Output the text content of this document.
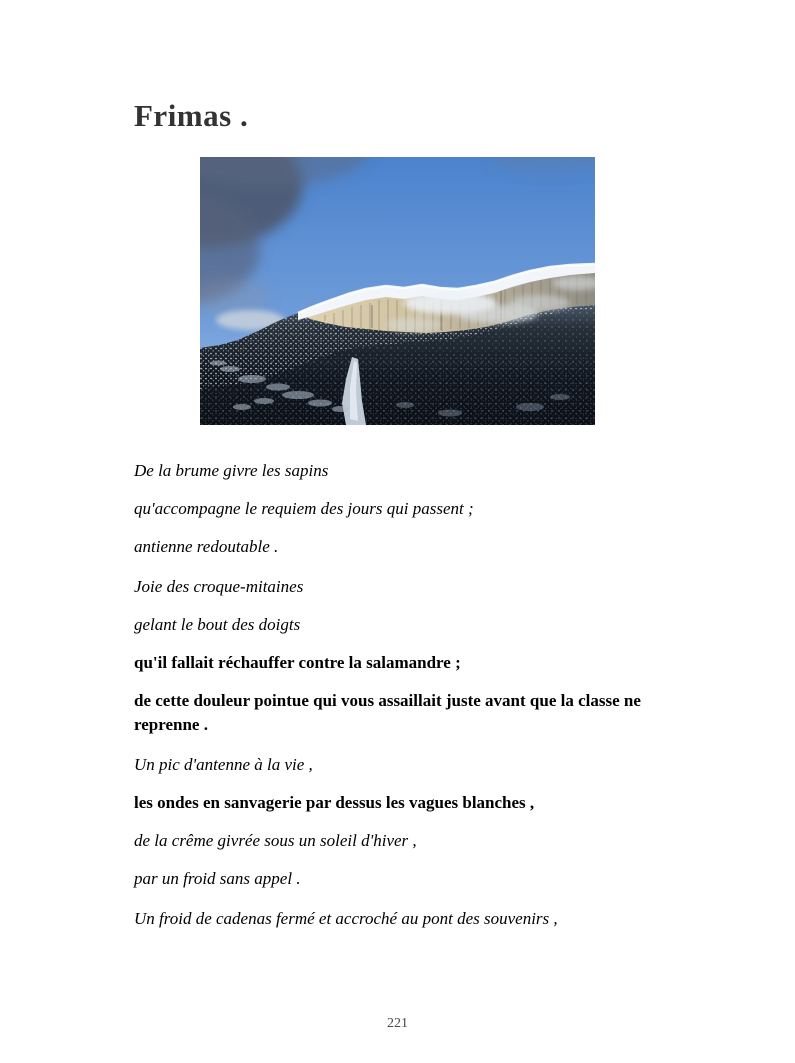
Frimas .

De la brume givre les sapins

qu'accompagne le requiem des jours qui passent ;

antienne redoutable .

Joie des croque-mitaines

gelant le bout des doigts

qu'il fallait réchauffer contre la salamandre ;

de cette douleur pointue qui vous assaillait juste avant que la classe ne reprenne .

Un pic d'antenne à la vie ,

les ondes en sanvagerie par dessus les vagues blanches ,

de la crême givrée sous un soleil d'hiver ,

par un froid sans appel .

Un froid de cadenas fermé et accroché au pont des souvenirs ,

221
